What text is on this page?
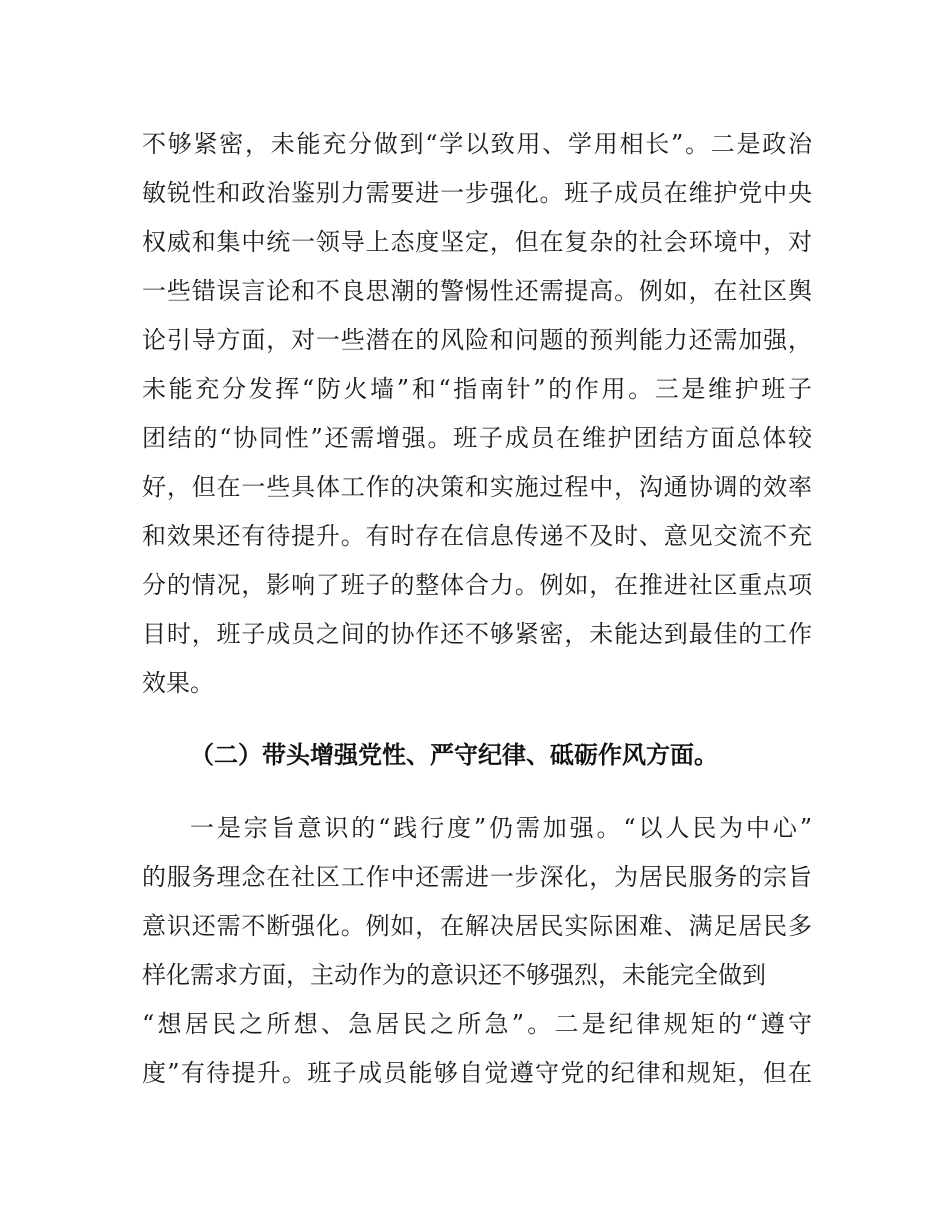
不够紧密，未能充分做到“学以致用、学用相长”。二是政治
敏锐性和政治鉴别力需要进一步强化。班子成员在维护党中央
权威和集中统一领导上态度坚定，但在复杂的社会环境中，对
一些错误言论和不良思潮的警惕性还需提高。例如，在社区舆
论引导方面，对一些潜在的风险和问题的预判能力还需加强，
未能充分发挥“防火墙”和“指南针”的作用。三是维护班子
团结的“协同性”还需增强。班子成员在维护团结方面总体较
好，但在一些具体工作的决策和实施过程中，沟通协调的效率
和效果还有待提升。有时存在信息传递不及时、意见交流不充
分的情况，影响了班子的整体合力。例如，在推进社区重点项
目时，班子成员之间的协作还不够紧密，未能达到最佳的工作
效果。
（二）带头增强党性、严守纪律、砥砺作风方面。
一是宗旨意识的“践行度”仍需加强。“以人民为中心”
的服务理念在社区工作中还需进一步深化，为居民服务的宗旨
意识还需不断强化。例如，在解决居民实际困难、满足居民多
样化需求方面，主动作为的意识还不够强烈，未能完全做到
“想居民之所想、急居民之所急”。二是纪律规矩的“遵守
度”有待提升。班子成员能够自觉遵守党的纪律和规矩，但在
